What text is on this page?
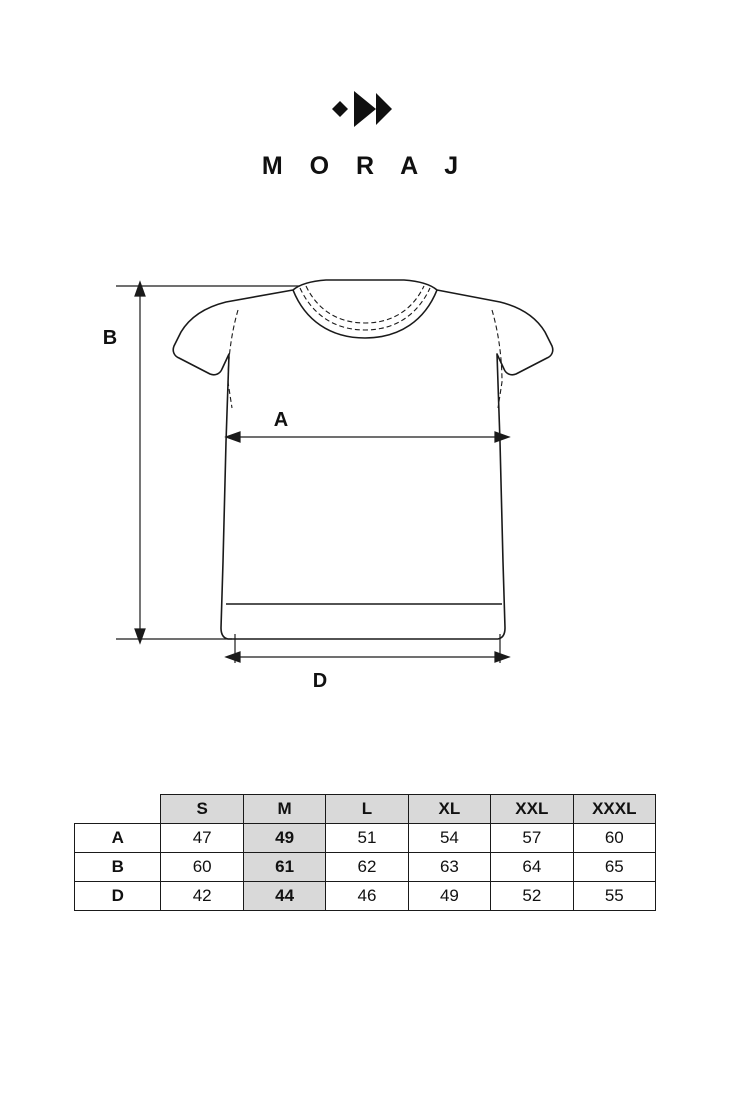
M O R A J
B
A
D
	S	M	L	XL	XXL	XXXL
A	47	49	51	54	57	60
B	60	61	62	63	64	65
D	42	44	46	49	52	55
